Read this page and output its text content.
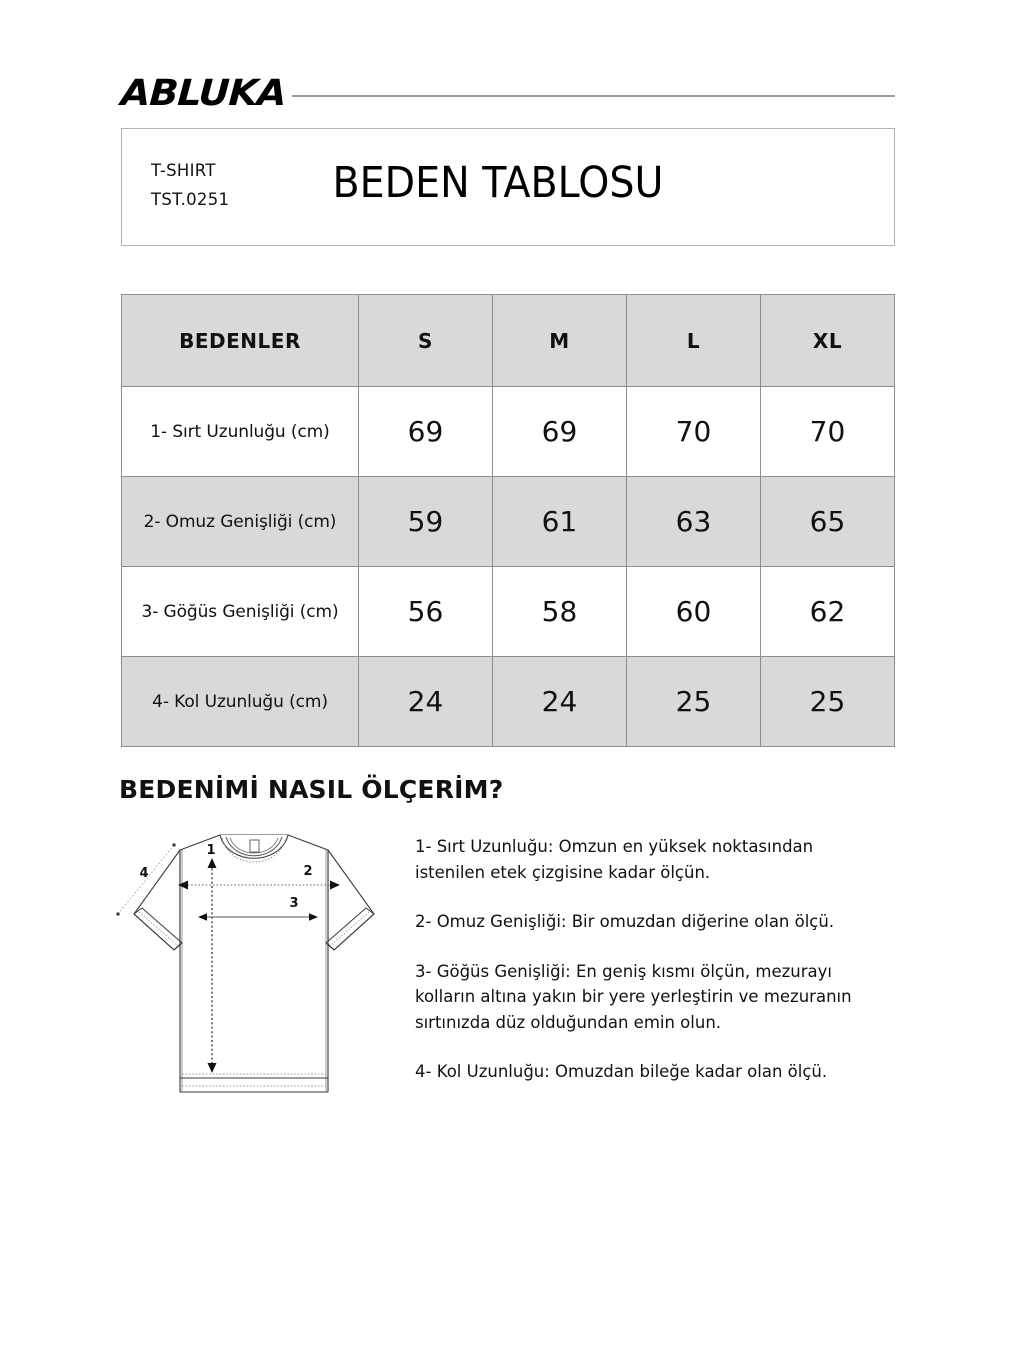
ABLUKA
T-SHIRT
TST.0251	BEDEN TABLOSU
BEDENLER	S	M	L	XL
1- Sırt Uzunluğu (cm)	69	69	70	70
2- Omuz Genişliği (cm)	59	61	63	65
3- Göğüs Genişliği (cm)	56	58	60	62
4- Kol Uzunluğu (cm)	24	24	25	25
BEDENİMİ NASIL ÖLÇERİM?
1
2
3
4

1- Sırt Uzunluğu: Omzun en yüksek noktasından istenilen etek çizgisine kadar ölçün.

2- Omuz Genişliği: Bir omuzdan diğerine olan ölçü.

3- Göğüs Genişliği: En geniş kısmı ölçün, mezurayı kolların altına yakın bir yere yerleştirin ve mezuranın sırtınızda düz olduğundan emin olun.

4- Kol Uzunluğu: Omuzdan bileğe kadar olan ölçü.
